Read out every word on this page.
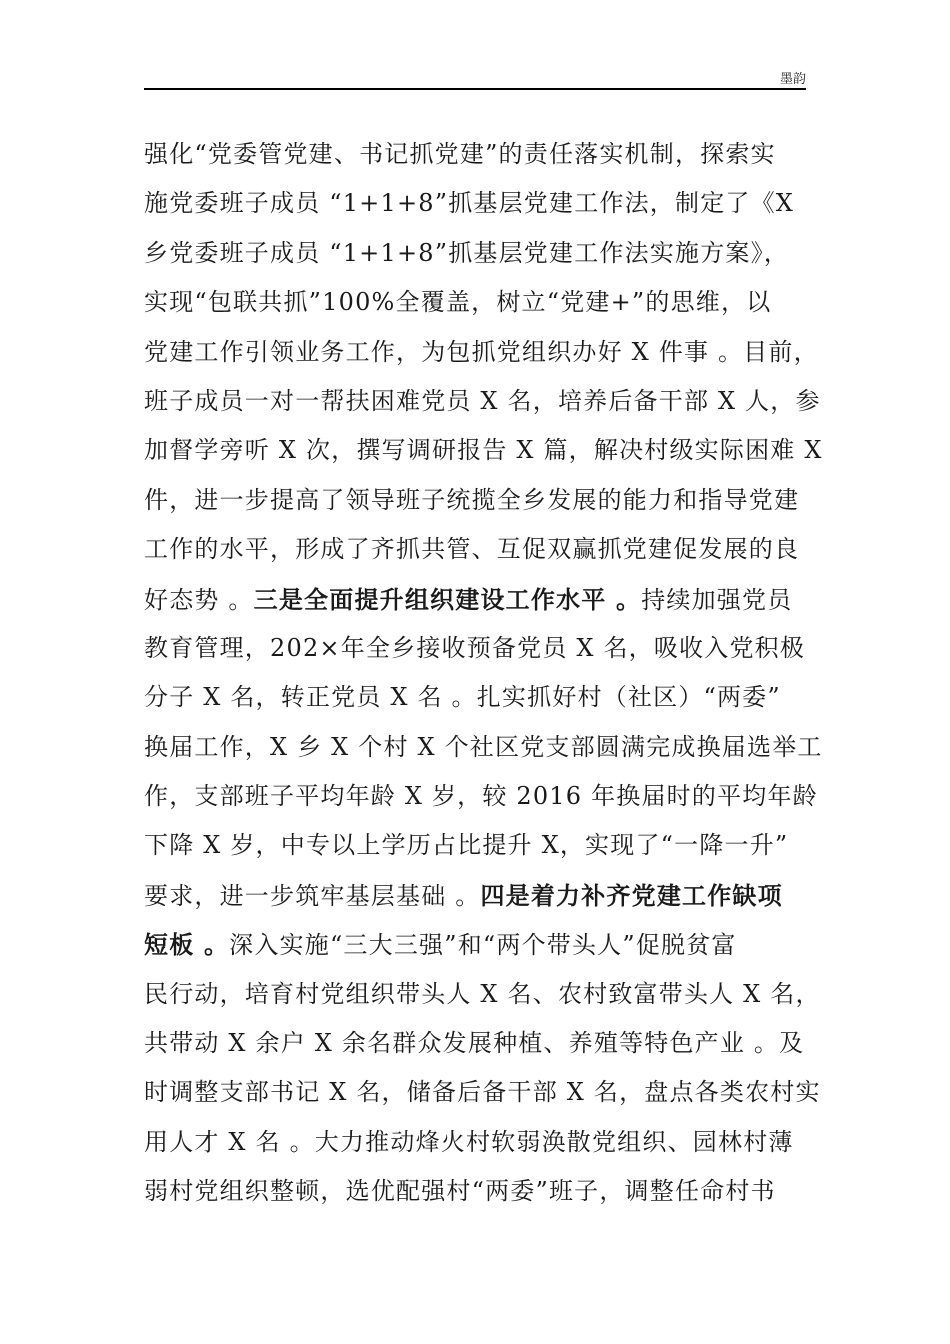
墨韵
强化“党委管党建、书记抓党建”的责任落实机制，探索实
施党委班子成员 “1+1+8”抓基层党建工作法，制定了《X
乡党委班子成员 “1+1+8”抓基层党建工作法实施方案》，
实现“包联共抓”100%全覆盖，树立“党建+”的思维，以
党建工作引领业务工作，为包抓党组织办好 X 件事 。目前，
班子成员一对一帮扶困难党员 X 名，培养后备干部 X 人，参
加督学旁听 X 次，撰写调研报告 X 篇，解决村级实际困难 X
件，进一步提高了领导班子统揽全乡发展的能力和指导党建
工作的水平，形成了齐抓共管、互促双赢抓党建促发展的良
好态势 。三是全面提升组织建设工作水平 。持续加强党员
教育管理，202×年全乡接收预备党员 X 名，吸收入党积极
分子 X 名，转正党员 X 名 。扎实抓好村（社区）“两委”
换届工作，X 乡 X 个村 X 个社区党支部圆满完成换届选举工
作，支部班子平均年龄 X 岁，较 2016 年换届时的平均年龄
下降 X 岁，中专以上学历占比提升 X，实现了“一降一升”
要求，进一步筑牢基层基础 。四是着力补齐党建工作缺项
短板 。深入实施“三大三强”和“两个带头人”促脱贫富
民行动，培育村党组织带头人 X 名、农村致富带头人 X 名，
共带动 X 余户 X 余名群众发展种植、养殖等特色产业 。及
时调整支部书记 X 名，储备后备干部 X 名，盘点各类农村实
用人才 X 名 。大力推动烽火村软弱涣散党组织、园林村薄
弱村党组织整顿，选优配强村“两委”班子，调整任命村书
